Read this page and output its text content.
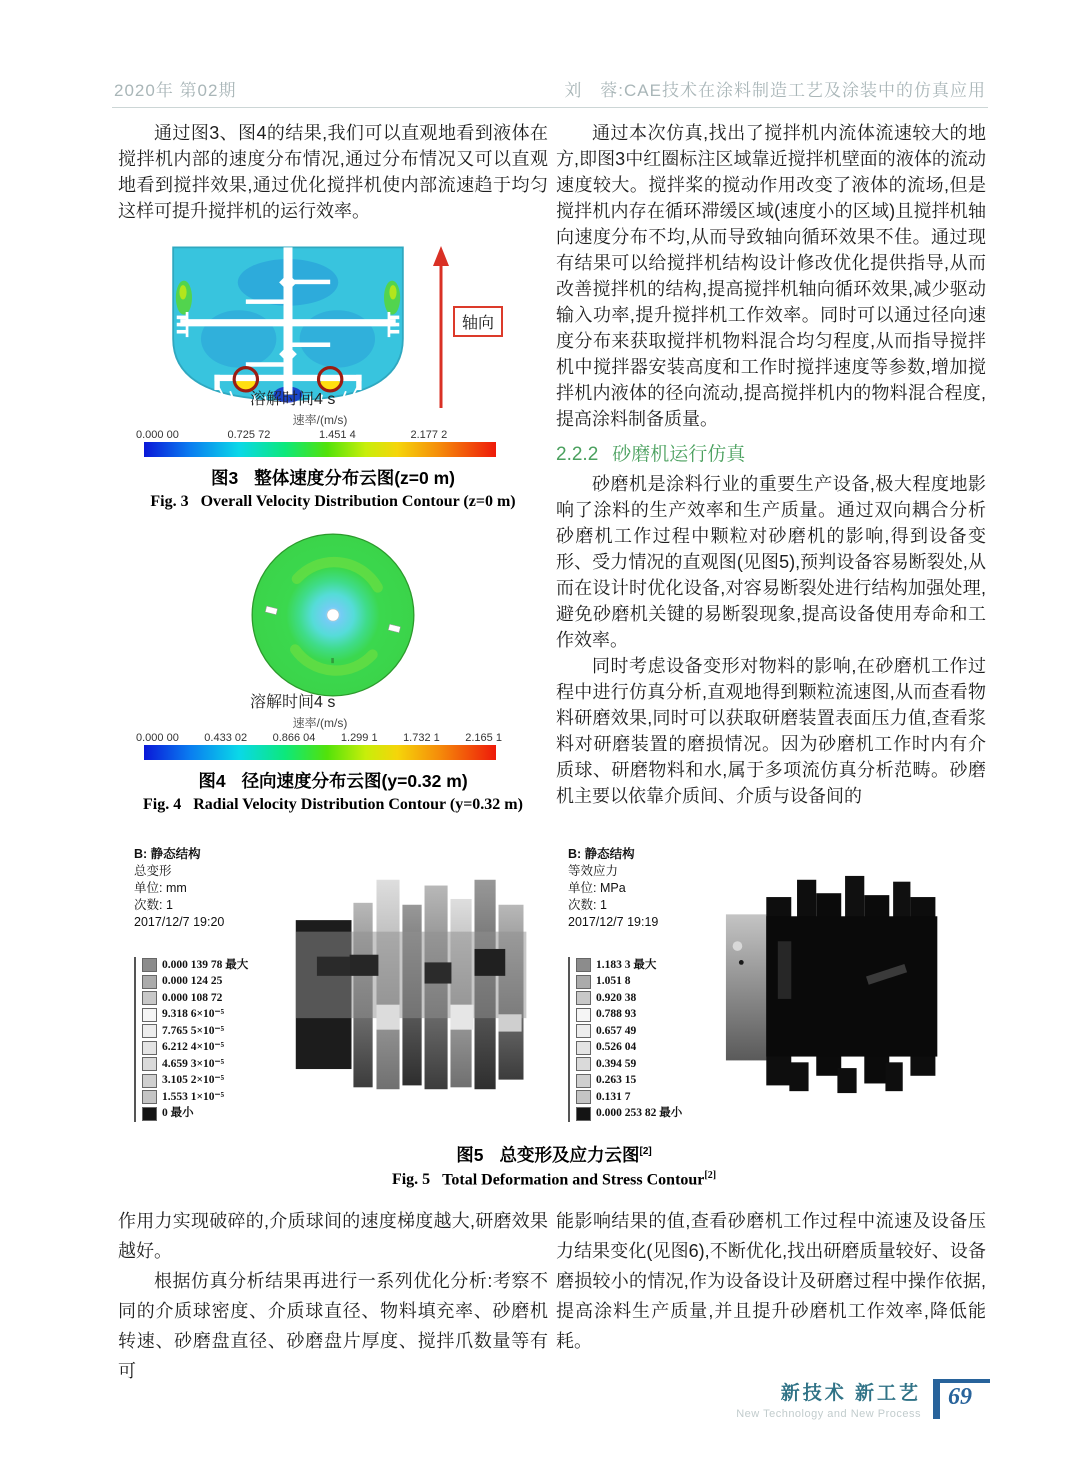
2020年 第02期	刘　蓉:CAE技术在涂料制造工艺及涂装中的仿真应用

通过图3、图4的结果,我们可以直观地看到液体在搅拌机内部的速度分布情况,通过分布情况又可以直观地看到搅拌效果,通过优化搅拌机使内部流速趋于均匀这样可提升搅拌机的运行效率。

轴向
溶解时间4 s
速率/(m/s)
0.000 00	0.725 72	1.451 4	2.177 2
图3 整体速度分布云图(z=0 m)
Fig. 3 Overall Velocity Distribution Contour (z=0 m)
溶解时间4 s
速率/(m/s)
0.000 00 0.433 02 0.866 04 1.299 1 1.732 1 2.165 1
图4 径向速度分布云图(y=0.32 m)
Fig. 4 Radial Velocity Distribution Contour (y=0.32 m)

通过本次仿真,找出了搅拌机内流体流速较大的地方,即图3中红圈标注区域靠近搅拌机壁面的液体的流动速度较大。搅拌桨的搅动作用改变了液体的流场,但是搅拌机内存在循环滞缓区域(速度小的区域)且搅拌机轴向速度分布不均,从而导致轴向循环效果不佳。通过现有结果可以给搅拌机结构设计修改优化提供指导,从而改善搅拌机的结构,提高搅拌机轴向循环效果,减少驱动输入功率,提升搅拌机工作效率。同时可以通过径向速度分布来获取搅拌机物料混合均匀程度,从而指导搅拌机中搅拌器安装高度和工作时搅拌速度等参数,增加搅拌机内液体的径向流动,提高搅拌机内的物料混合程度,提高涂料制备质量。

2.2.2 砂磨机运行仿真

砂磨机是涂料行业的重要生产设备,极大程度地影响了涂料的生产效率和生产质量。通过双向耦合分析砂磨机工作过程中颗粒对砂磨机的影响,得到设备变形、受力情况的直观图(见图5),预判设备容易断裂处,从而在设计时优化设备,对容易断裂处进行结构加强处理,避免砂磨机关键的易断裂现象,提高设备使用寿命和工作效率。

同时考虑设备变形对物料的影响,在砂磨机工作过程中进行仿真分析,直观地得到颗粒流速图,从而查看物料研磨效果,同时可以获取研磨装置表面压力值,查看浆料对研磨装置的磨损情况。因为砂磨机工作时内有介质球、研磨物料和水,属于多项流仿真分析范畴。砂磨机主要以依靠介质间、介质与设备间的

B: 静态结构
总变形
单位: mm
次数: 1
2017/12/7 19:20
0.000 139 78 最大
0.000 124 25
0.000 108 72
9.318 6×10⁻⁵
7.765 5×10⁻⁵
6.212 4×10⁻⁵
4.659 3×10⁻⁵
3.105 2×10⁻⁵
1.553 1×10⁻⁵
0 最小
B: 静态结构
等效应力
单位: MPa
次数: 1
2017/12/7 19:19
1.183 3 最大
1.051 8
0.920 38
0.788 93
0.657 49
0.526 04
0.394 59
0.263 15
0.131 7
0.000 253 82 最小
图5 总变形及应力云图[2]
Fig. 5 Total Deformation and Stress Contour[2]

作用力实现破碎的,介质球间的速度梯度越大,研磨效果越好。

根据仿真分析结果再进行一系列优化分析:考察不同的介质球密度、介质球直径、物料填充率、砂磨机转速、砂磨盘直径、砂磨盘片厚度、搅拌爪数量等有可

能影响结果的值,查看砂磨机工作过程中流速及设备压力结果变化(见图6),不断优化,找出研磨质量较好、设备磨损较小的情况,作为设备设计及研磨过程中操作依据,提高涂料生产质量,并且提升砂磨机工作效率,降低能耗。

新技术 新工艺
New Technology and New Process
69
